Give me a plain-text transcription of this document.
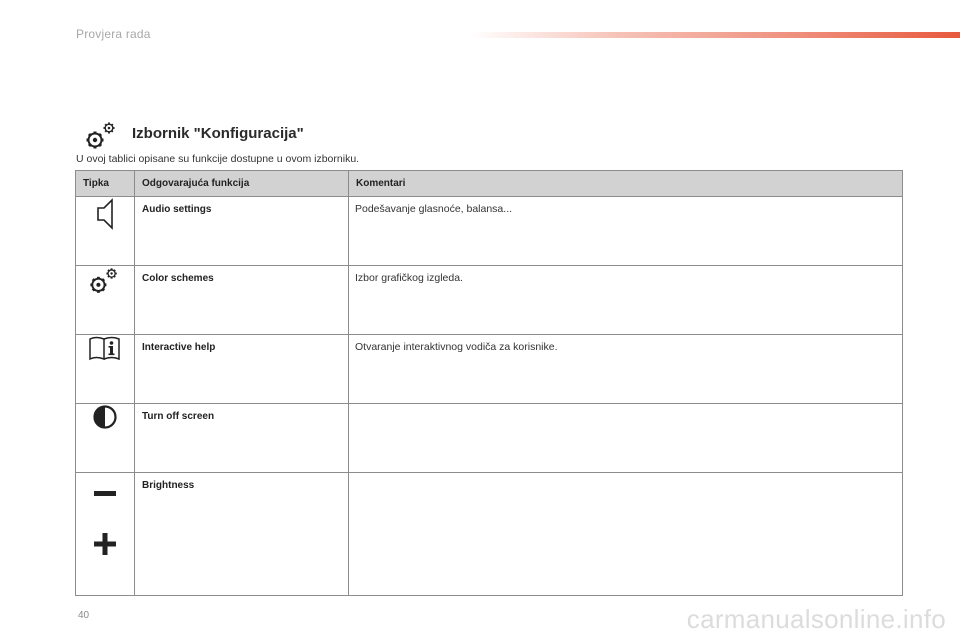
Provjera rada
Izbornik "Konfiguracija"
U ovoj tablici opisane su funkcije dostupne u ovom izborniku.
Tipka	Odgovarajuća funkcija	Komentari

	Audio settings	Podešavanje glasnoće, balansa...

	Color schemes	Izbor grafičkog izgleda.

	Interactive help	Otvaranje interaktivnog vodiča za korisnike.

	Turn off screen	

	Brightness	
40	carmanualsonline.info
